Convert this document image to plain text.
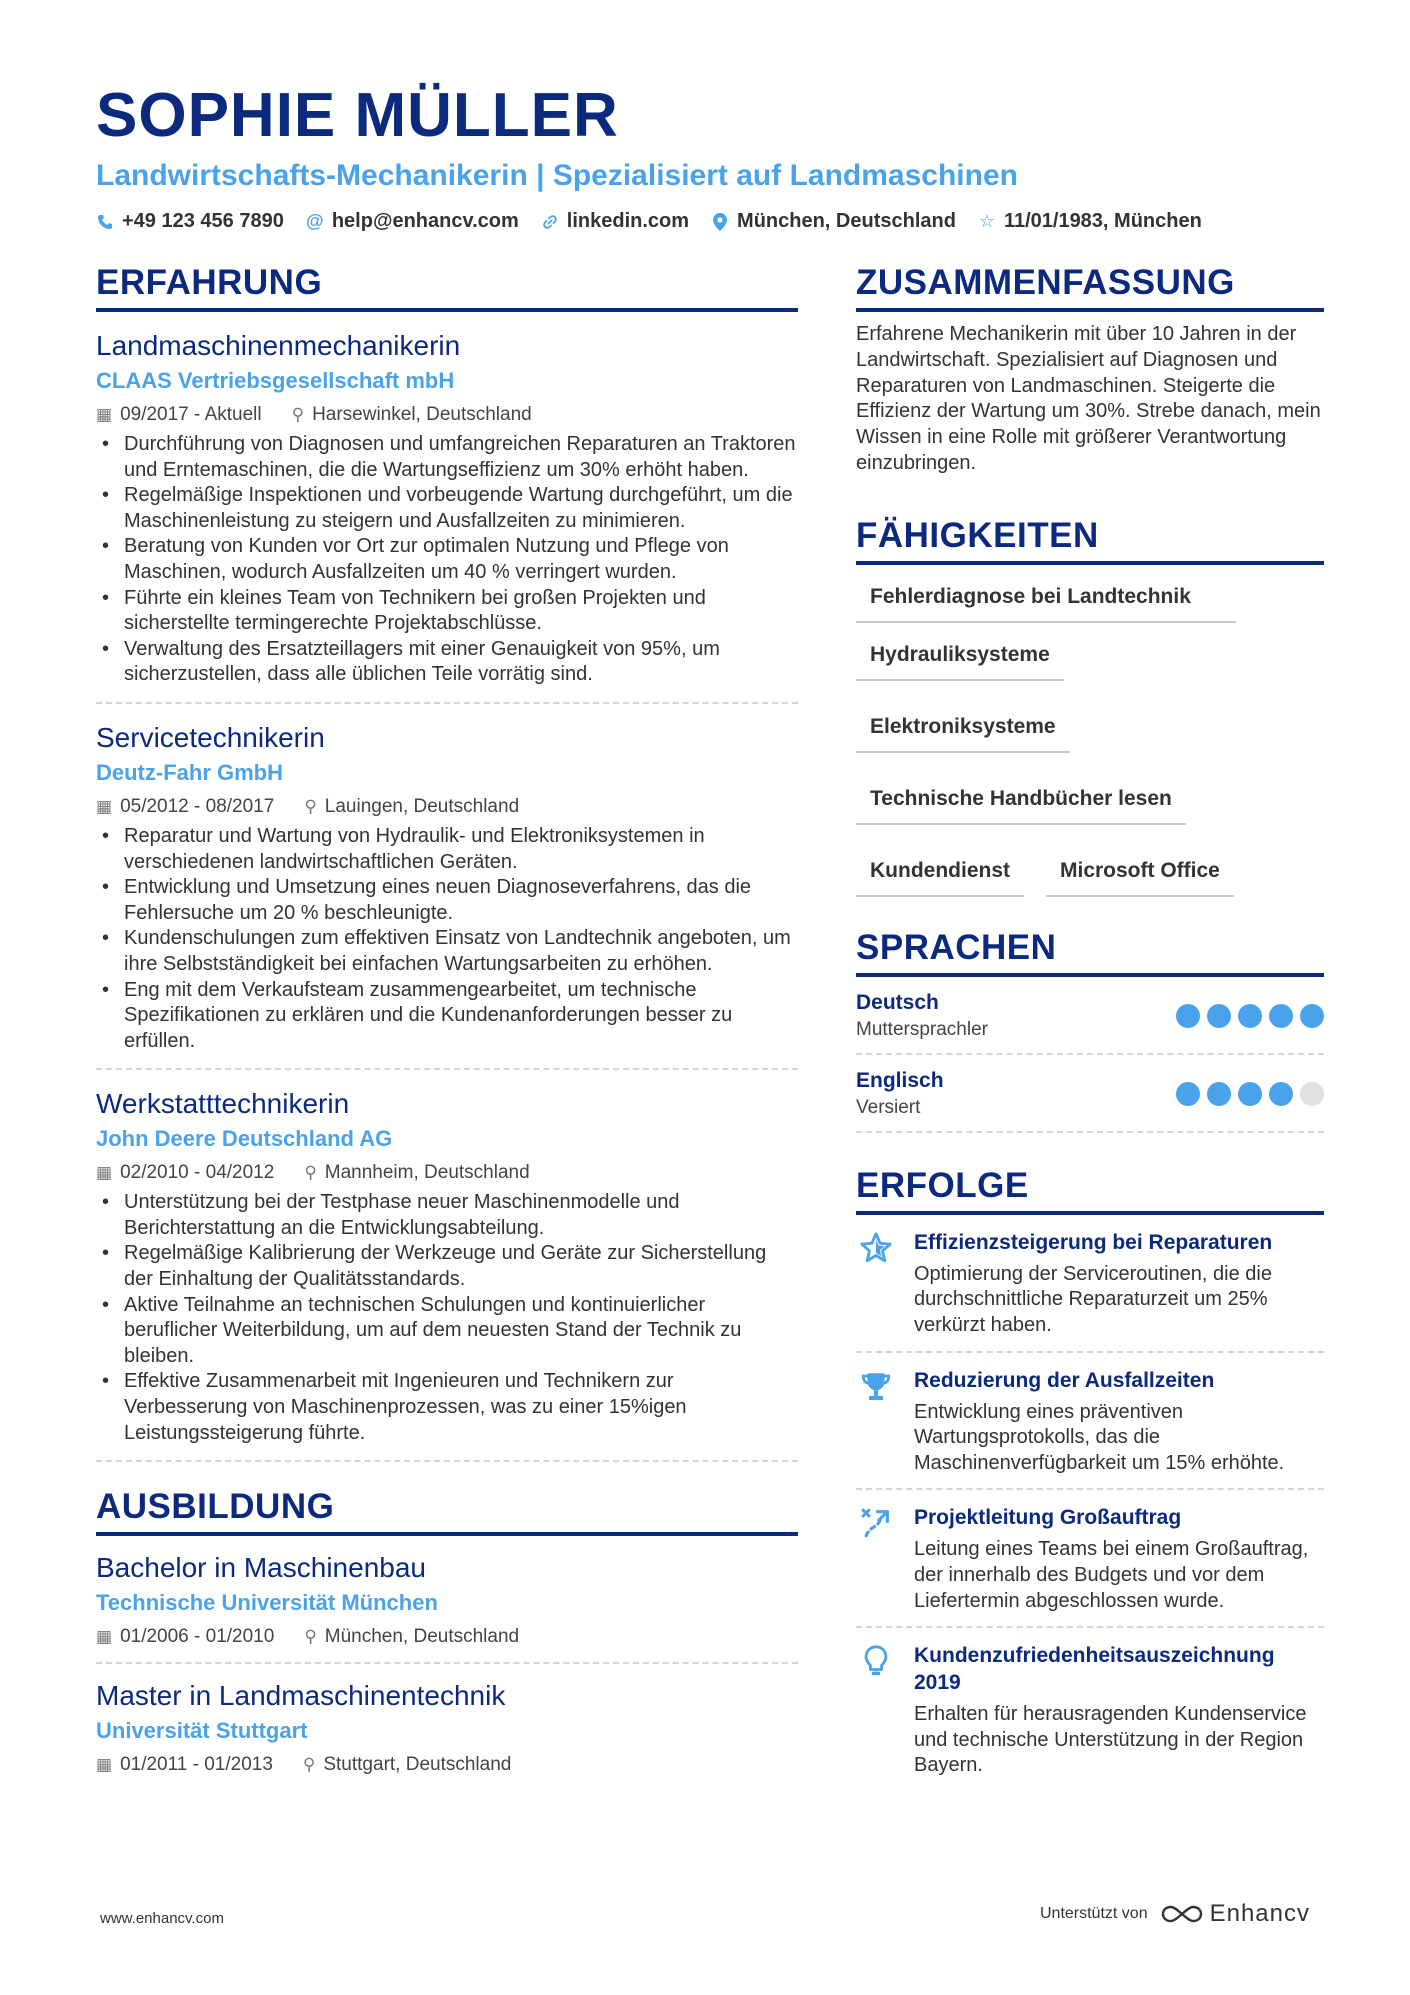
SOPHIE MÜLLER
Landwirtschafts-Mechanikerin | Spezialisiert auf Landmaschinen
+49 123 456 7890 @ help@enhancv.com linkedin.com München, Deutschland ☆ 11/01/1983, München
ERFAHRUNG
Landmaschinenmechanikerin
CLAAS Vertriebsgesellschaft mbH
▦ 09/2017 - Aktuell ⚲ Harsewinkel, Deutschland
• Durchführung von Diagnosen und umfangreichen Reparaturen an Traktoren und Erntemaschinen, die die Wartungseffizienz um 30% erhöht haben.
• Regelmäßige Inspektionen und vorbeugende Wartung durchgeführt, um die Maschinenleistung zu steigern und Ausfallzeiten zu minimieren.
• Beratung von Kunden vor Ort zur optimalen Nutzung und Pflege von Maschinen, wodurch Ausfallzeiten um 40 % verringert wurden.
• Führte ein kleines Team von Technikern bei großen Projekten und sicherstellte termingerechte Projektabschlüsse.
• Verwaltung des Ersatzteillagers mit einer Genauigkeit von 95%, um sicherzustellen, dass alle üblichen Teile vorrätig sind.
Servicetechnikerin
Deutz-Fahr GmbH
▦ 05/2012 - 08/2017 ⚲ Lauingen, Deutschland
• Reparatur und Wartung von Hydraulik- und Elektroniksystemen in verschiedenen landwirtschaftlichen Geräten.
• Entwicklung und Umsetzung eines neuen Diagnoseverfahrens, das die Fehlersuche um 20 % beschleunigte.
• Kundenschulungen zum effektiven Einsatz von Landtechnik angeboten, um ihre Selbstständigkeit bei einfachen Wartungsarbeiten zu erhöhen.
• Eng mit dem Verkaufsteam zusammengearbeitet, um technische Spezifikationen zu erklären und die Kundenanforderungen besser zu erfüllen.
Werkstatttechnikerin
John Deere Deutschland AG
▦ 02/2010 - 04/2012 ⚲ Mannheim, Deutschland
• Unterstützung bei der Testphase neuer Maschinenmodelle und Berichterstattung an die Entwicklungsabteilung.
• Regelmäßige Kalibrierung der Werkzeuge und Geräte zur Sicherstellung der Einhaltung der Qualitätsstandards.
• Aktive Teilnahme an technischen Schulungen und kontinuierlicher beruflicher Weiterbildung, um auf dem neuesten Stand der Technik zu bleiben.
• Effektive Zusammenarbeit mit Ingenieuren und Technikern zur Verbesserung von Maschinenprozessen, was zu einer 15%igen Leistungssteigerung führte.
AUSBILDUNG
Bachelor in Maschinenbau
Technische Universität München
▦ 01/2006 - 01/2010 ⚲ München, Deutschland
Master in Landmaschinentechnik
Universität Stuttgart
▦ 01/2011 - 01/2013 ⚲ Stuttgart, Deutschland
ZUSAMMENFASSUNG
Erfahrene Mechanikerin mit über 10 Jahren in der Landwirtschaft. Spezialisiert auf Diagnosen und Reparaturen von Landmaschinen. Steigerte die Effizienz der Wartung um 30%. Strebe danach, mein Wissen in eine Rolle mit größerer Verantwortung einzubringen.
FÄHIGKEITEN
Fehlerdiagnose bei Landtechnik
Hydrauliksysteme
Elektroniksysteme
Technische Handbücher lesen
Kundendienst	Microsoft Office
SPRACHEN
Deutsch
Muttersprachler
Englisch
Versiert
ERFOLGE
Effizienzsteigerung bei Reparaturen
Optimierung der Serviceroutinen, die die durchschnittliche Reparaturzeit um 25% verkürzt haben.
Reduzierung der Ausfallzeiten
Entwicklung eines präventiven Wartungsprotokolls, das die Maschinenverfügbarkeit um 15% erhöhte.
Projektleitung Großauftrag
Leitung eines Teams bei einem Großauftrag, der innerhalb des Budgets und vor dem Liefertermin abgeschlossen wurde.
Kundenzufriedenheitsauszeichnung 2019
Erhalten für herausragenden Kundenservice und technische Unterstützung in der Region Bayern.
www.enhancv.com	Unterstützt von	Enhancv
